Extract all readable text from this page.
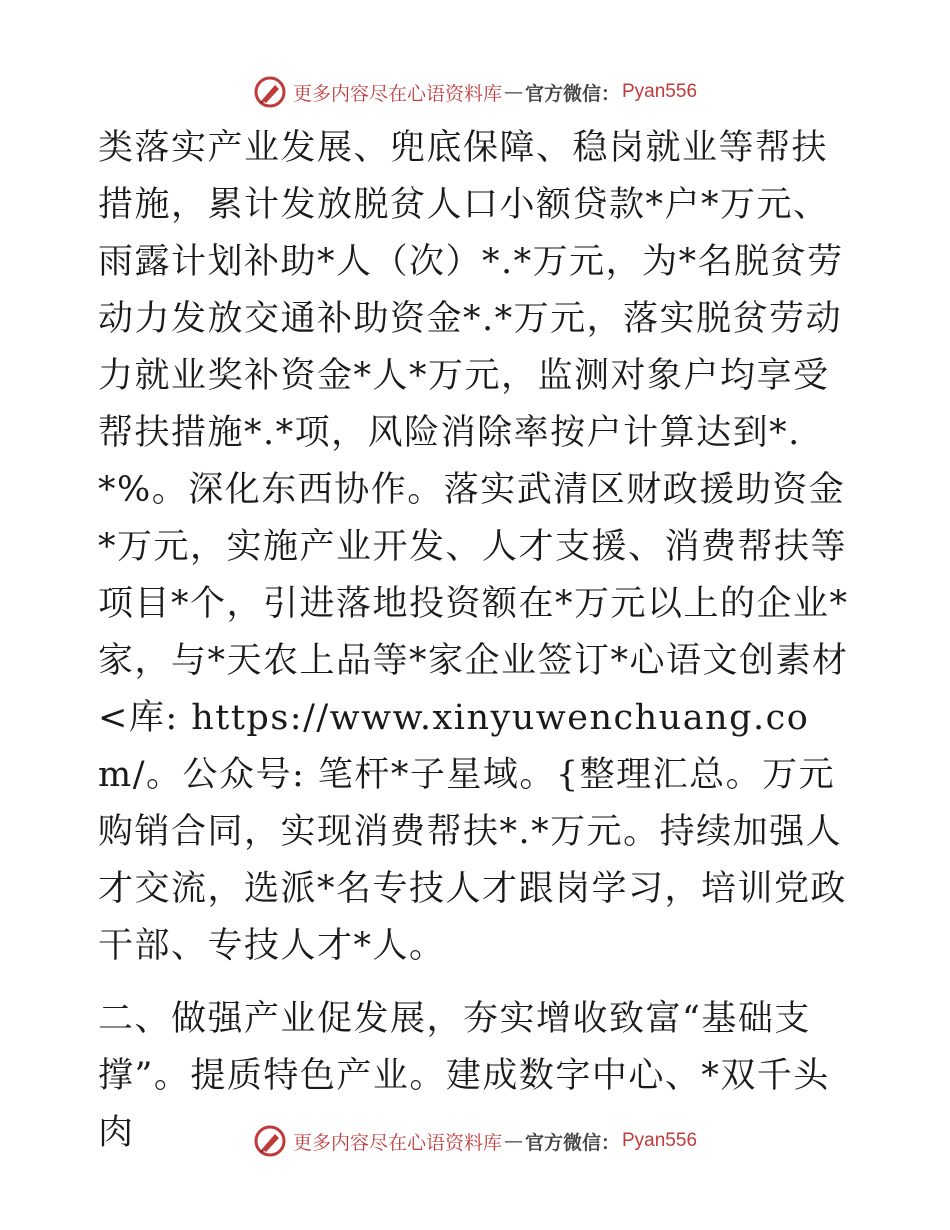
更多内容尽在心语资料库 — 官方微信： Pyan556

类落实产业发展、兜底保障、稳岗就业等帮扶措施，累计发放脱贫人口小额贷款*户*万元、雨露计划补助*人（次）*.*万元，为*名脱贫劳动力发放交通补助资金*.*万元，落实脱贫劳动力就业奖补资金*人*万元，监测对象户均享受帮扶措施*.*项，风险消除率按户计算达到*.*%。深化东西协作。落实武清区财政援助资金*万元，实施产业开发、人才支援、消费帮扶等项目*个，引进落地投资额在*万元以上的企业*家，与*天农上品等*家企业签订*心语文创素材<库: https://www.xinyuwenchuang.com/。公众号: 笔杆*子星域。{整理汇总。万元购销合同，实现消费帮扶*.*万元。持续加强人才交流，选派*名专技人才跟岗学习，培训党政干部、专技人才*人。

二、做强产业促发展，夯实增收致富“基础支撑”。提质特色产业。建成数字中心、*双千头肉	更多内容尽在心语资料库 — 官方微信： Pyan556
